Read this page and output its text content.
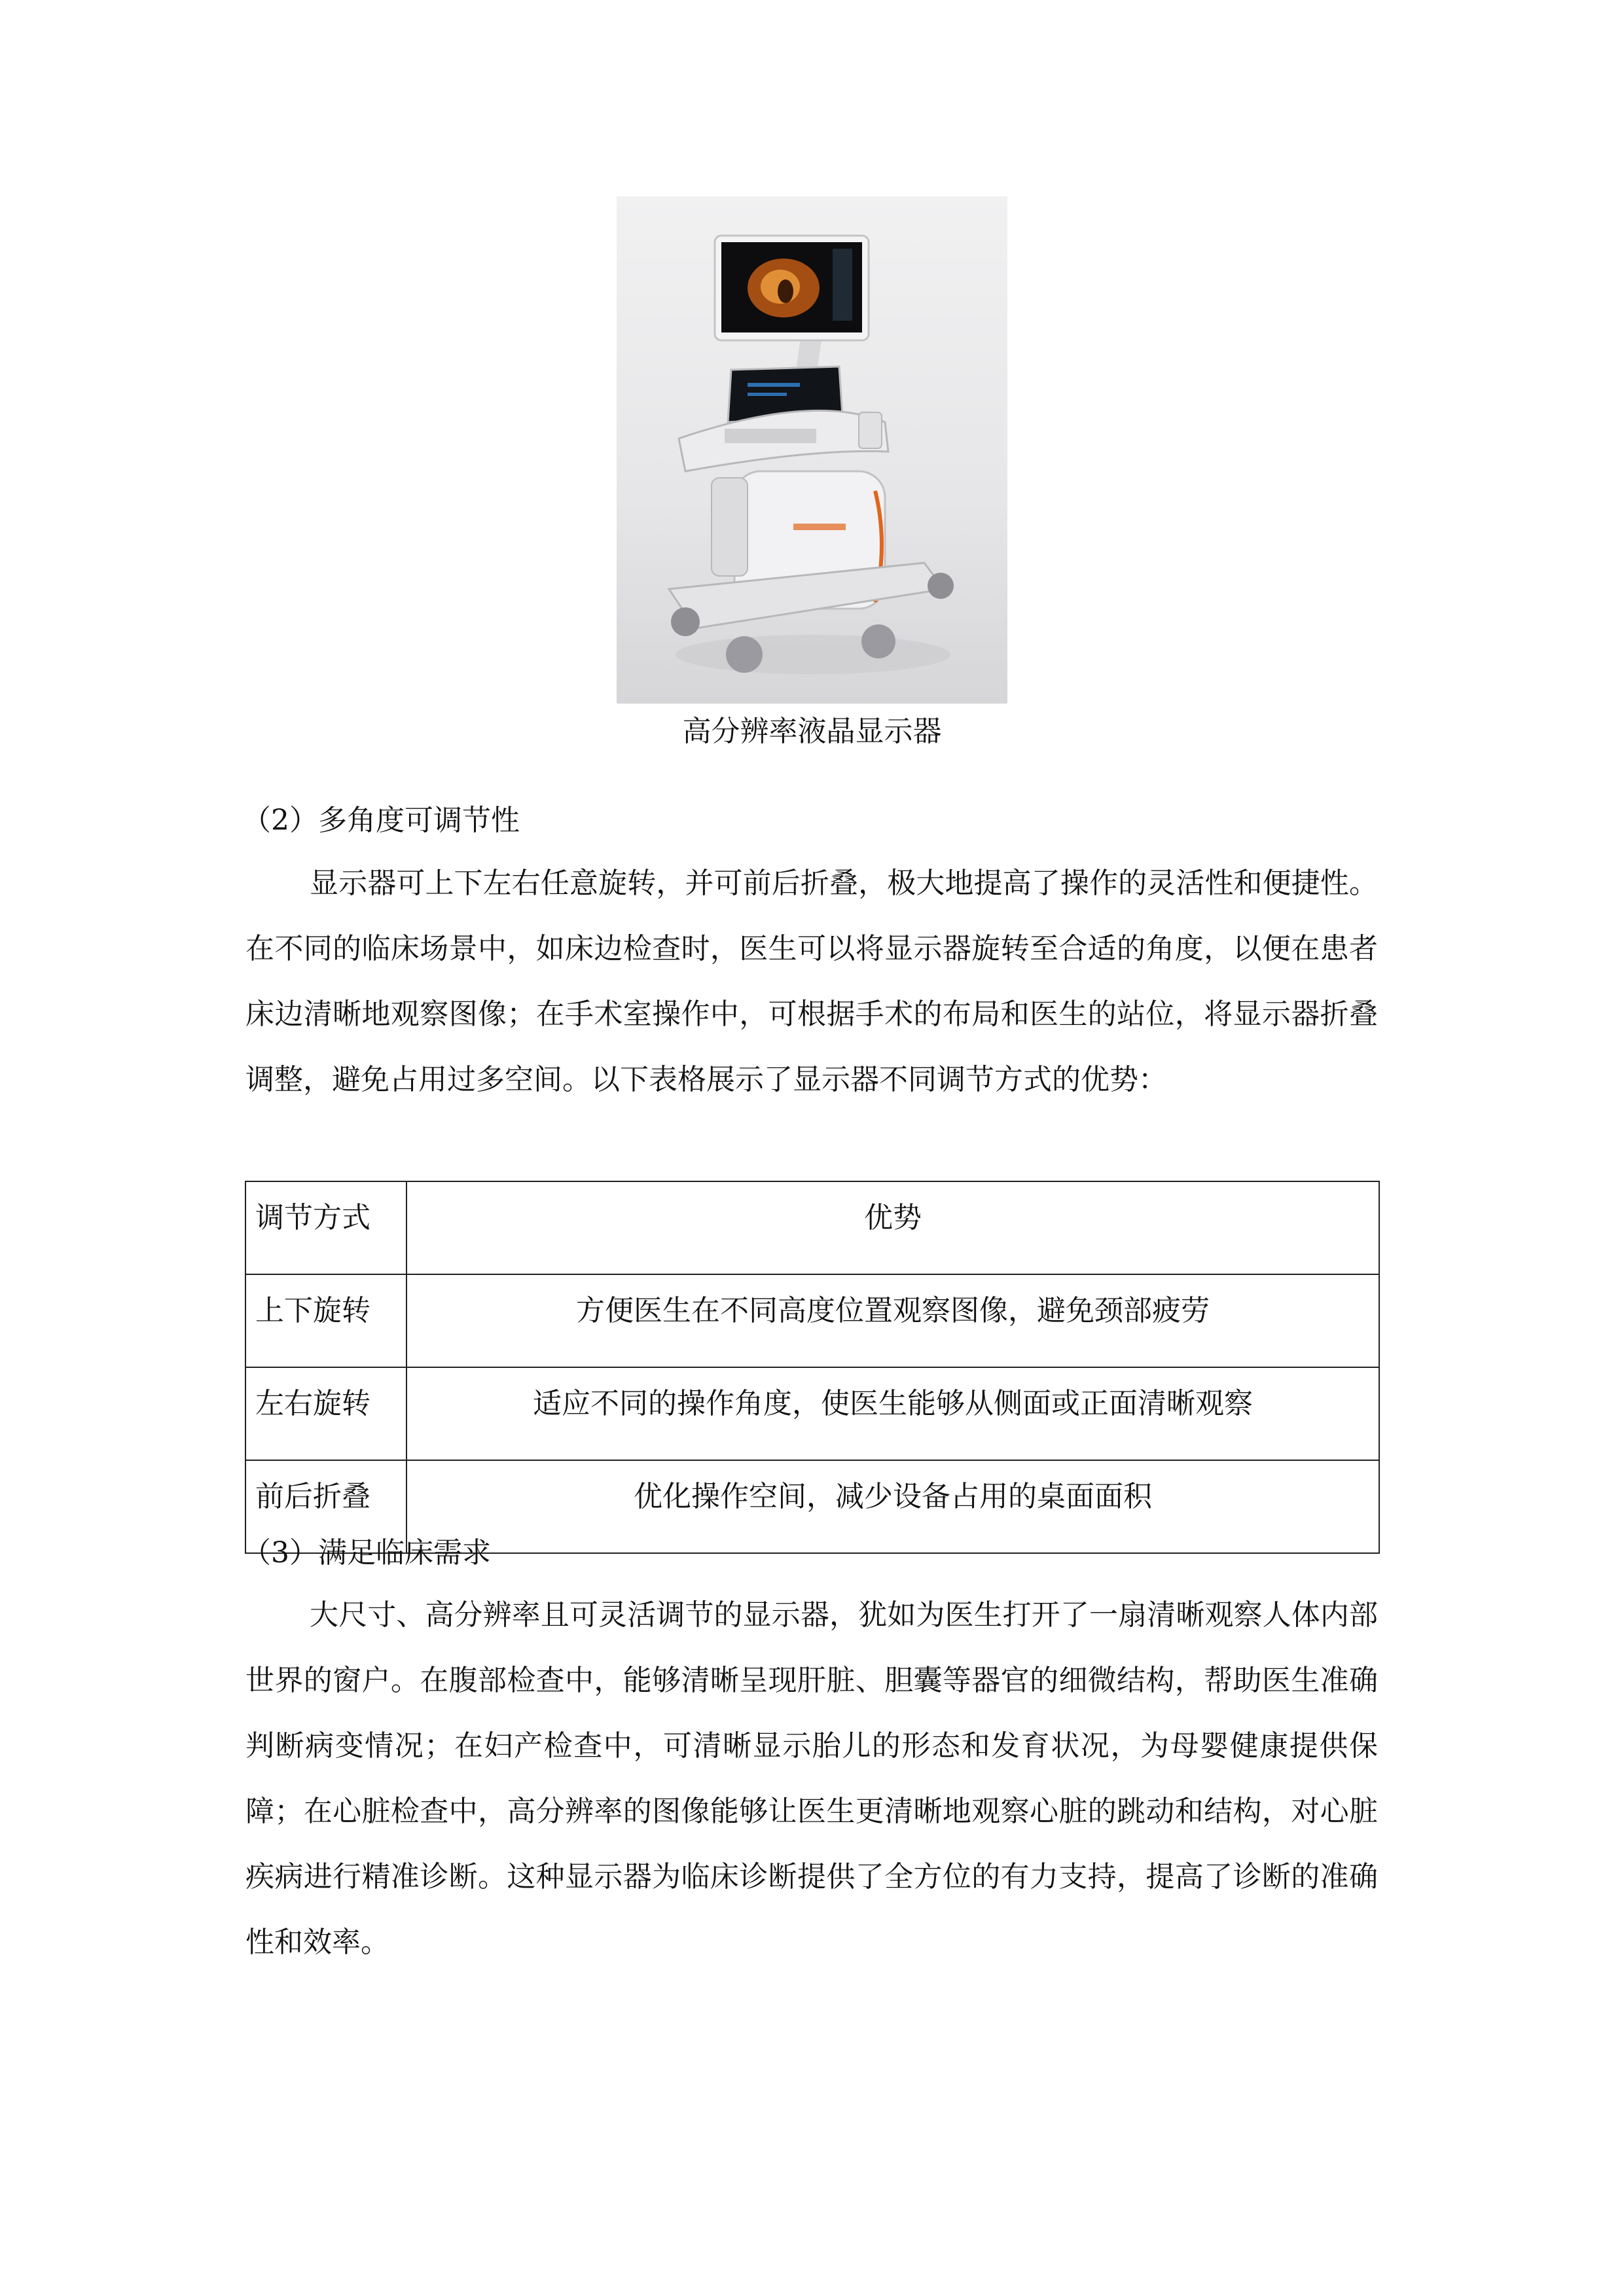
高分辨率液晶显示器
（2）多角度可调节性

显示器可上下左右任意旋转，并可前后折叠，极大地提高了操作的灵活性和便捷性。在不同的临床场景中，如床边检查时，医生可以将显示器旋转至合适的角度，以便在患者床边清晰地观察图像；在手术室操作中，可根据手术的布局和医生的站位，将显示器折叠调整，避免占用过多空间。以下表格展示了显示器不同调节方式的优势：

调节方式	优势
上下旋转	方便医生在不同高度位置观察图像，避免颈部疲劳
左右旋转	适应不同的操作角度，使医生能够从侧面或正面清晰观察
前后折叠	优化操作空间，减少设备占用的桌面面积
（3）满足临床需求

大尺寸、高分辨率且可灵活调节的显示器，犹如为医生打开了一扇清晰观察人体内部世界的窗户。在腹部检查中，能够清晰呈现肝脏、胆囊等器官的细微结构，帮助医生准确判断病变情况；在妇产检查中，可清晰显示胎儿的形态和发育状况，为母婴健康提供保障；在心脏检查中，高分辨率的图像能够让医生更清晰地观察心脏的跳动和结构，对心脏疾病进行精准诊断。这种显示器为临床诊断提供了全方位的有力支持，提高了诊断的准确性和效率。
